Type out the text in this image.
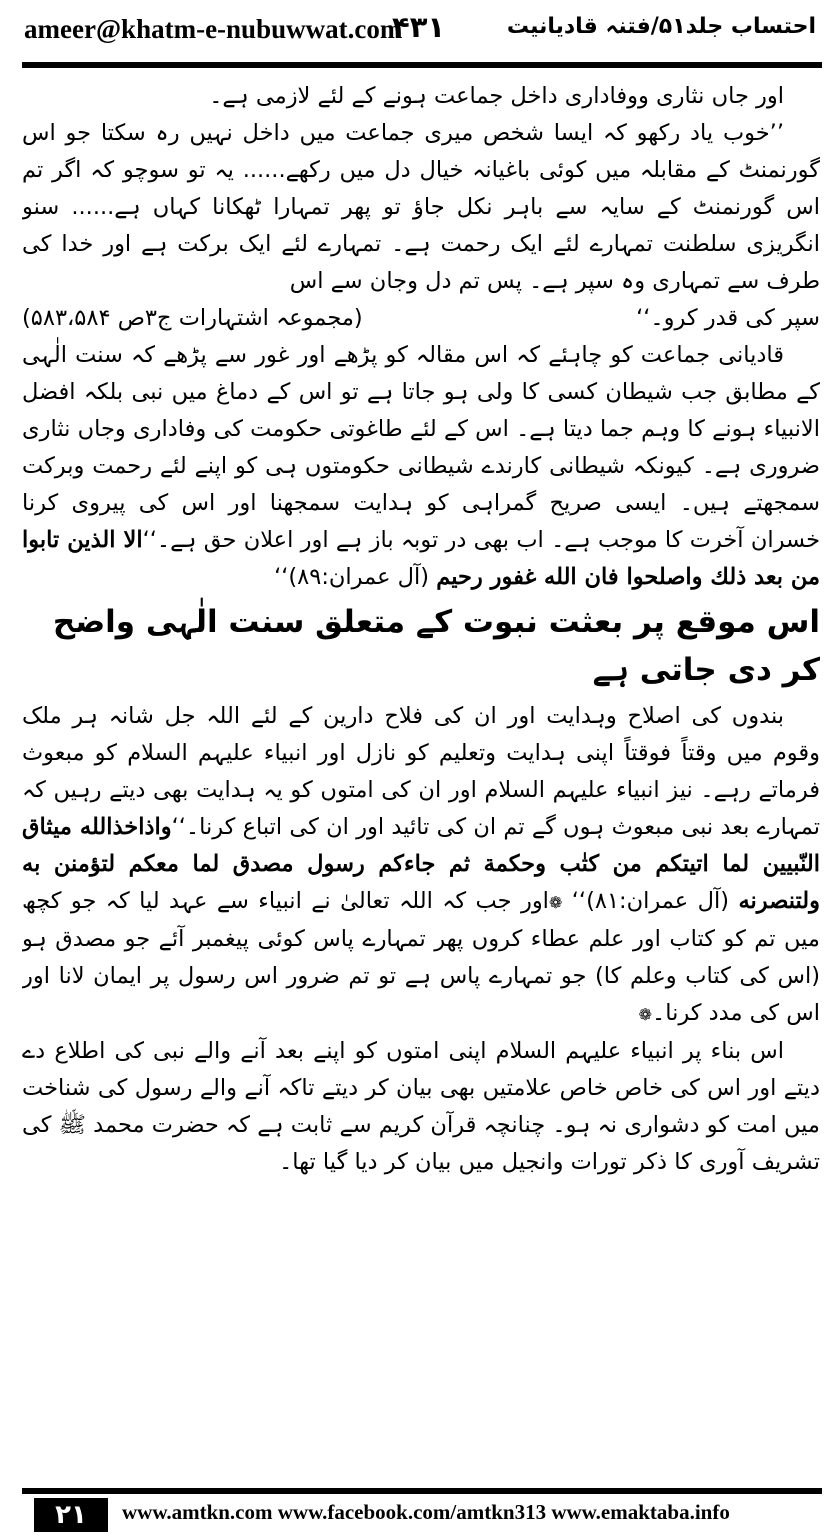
ameer@khatm-e-nubuwwat.com
۴۳۱	احتساب جلد۵۱/فتنہ قادیانیت

اور جاں نثاری ووفاداری داخل جماعت ہونے کے لئے لازمی ہے۔

’’خوب یاد رکھو کہ ایسا شخص میری جماعت میں داخل نہیں رہ سکتا جو اس گورنمنٹ کے مقابلہ میں کوئی باغیانہ خیال دل میں رکھے...... یہ تو سوچو کہ اگر تم اس گورنمنٹ کے سایہ سے باہر نکل جاؤ تو پھر تمہارا ٹھکانا کہاں ہے...... سنو انگریزی سلطنت تمہارے لئے ایک رحمت ہے۔ تمہارے لئے ایک برکت ہے اور خدا کی طرف سے تمہاری وہ سپر ہے۔ پس تم دل وجان سے اس

سپر کی قدر کرو۔‘‘
(مجموعہ اشتہارات ج۳ص ۵۸۳،۵۸۴)

قادیانی جماعت کو چاہئے کہ اس مقالہ کو پڑھے اور غور سے پڑھے کہ سنت الٰہی کے مطابق جب شیطان کسی کا ولی ہو جاتا ہے تو اس کے دماغ میں نبی بلکہ افضل الانبیاء ہونے کا وہم جما دیتا ہے۔ اس کے لئے طاغوتی حکومت کی وفاداری وجاں نثاری ضروری ہے۔ کیونکہ شیطانی کارندے شیطانی حکومتوں ہی کو اپنے لئے رحمت وبرکت سمجھتے ہیں۔ ایسی صریح گمراہی کو ہدایت سمجھنا اور اس کی پیروی کرنا خسران آخرت کا موجب ہے۔ اب بھی در توبہ باز ہے اور اعلان حق ہے۔‘‘الا الذین تابوا من بعد ذلك واصلحوا فان الله غفور رحیم (آل عمران:۸۹)‘‘

اس موقع پر بعثت نبوت کے متعلق سنت الٰہی واضح کر دی جاتی ہے

بندوں کی اصلاح وہدایت اور ان کی فلاح دارین کے لئے اللہ جل شانہ ہر ملک وقوم میں وقتاً فوقتاً اپنی ہدایت وتعلیم کو نازل اور انبیاء علیہم السلام کو مبعوث فرماتے رہے۔ نیز انبیاء علیہم السلام اور ان کی امتوں کو یہ ہدایت بھی دیتے رہیں کہ تمہارے بعد نبی مبعوث ہوں گے تم ان کی تائید اور ان کی اتباع کرنا۔‘‘واذاخذالله میثاق النّبیین لما اتیتکم من کتٰب وحکمة ثم جاءکم رسول مصدق لما معکم لتؤمنن به ولتنصرنه (آل عمران:۸۱)‘‘ ❁اور جب کہ اللہ تعالیٰ نے انبیاء سے عہد لیا کہ جو کچھ میں تم کو کتاب اور علم عطاء کروں پھر تمہارے پاس کوئی پیغمبر آئے جو مصدق ہو (اس کی کتاب وعلم کا) جو تمہارے پاس ہے تو تم ضرور اس رسول پر ایمان لانا اور اس کی مدد کرنا۔❁

اس بناء پر انبیاء علیہم السلام اپنی امتوں کو اپنے بعد آنے والے نبی کی اطلاع دے دیتے اور اس کی خاص خاص علامتیں بھی بیان کر دیتے تاکہ آنے والے رسول کی شناخت میں امت کو دشواری نہ ہو۔ چنانچہ قرآن کریم سے ثابت ہے کہ حضرت محمد ﷺ کی تشریف آوری کا ذکر تورات وانجیل میں بیان کر دیا گیا تھا۔

۲۱	www.amtkn.com www.facebook.com/amtkn313 www.emaktaba.info
